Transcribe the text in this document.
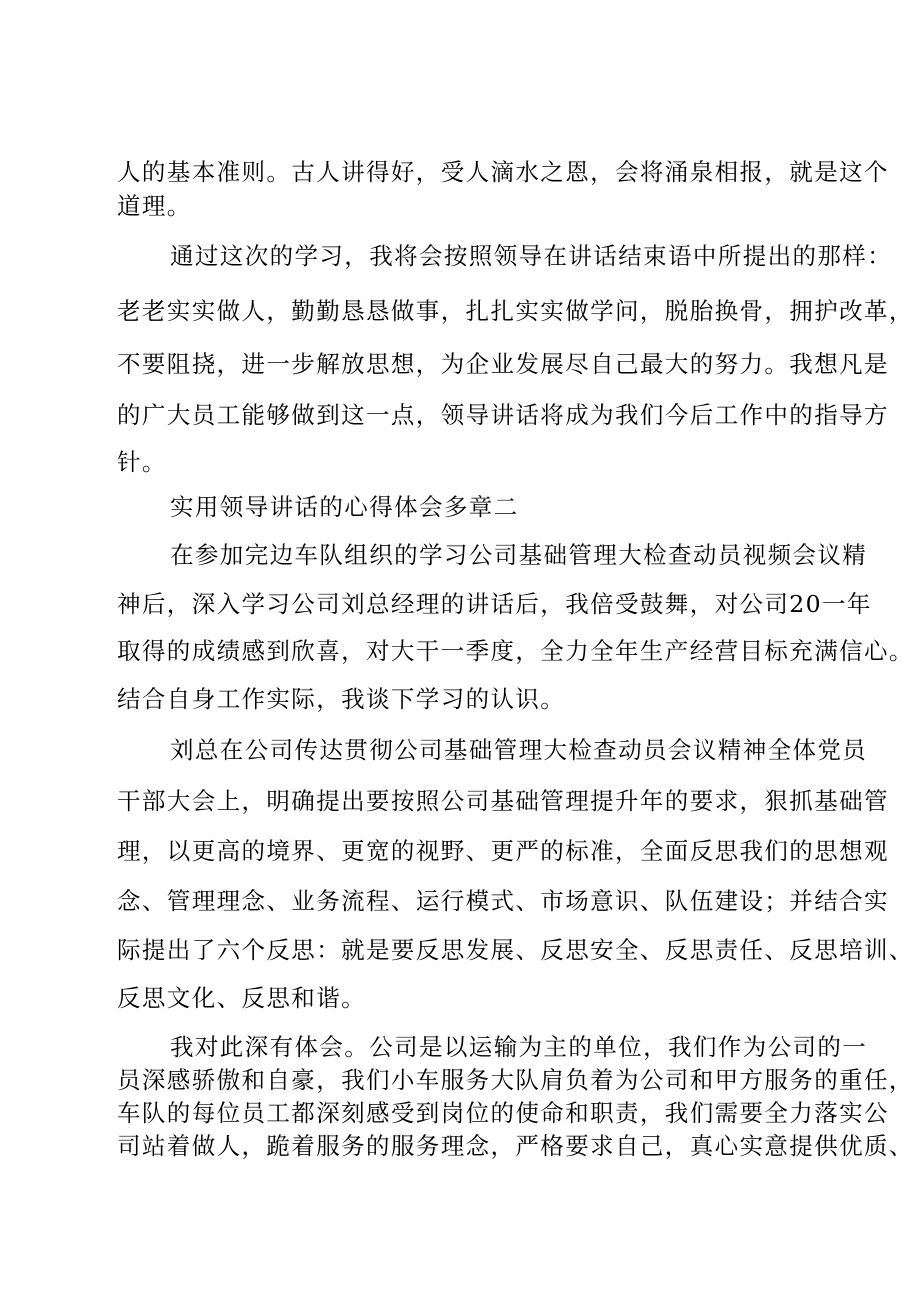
人的基本准则。古人讲得好，受人滴水之恩，会将涌泉相报，就是这个
道理。
通过这次的学习，我将会按照领导在讲话结束语中所提出的那样：
老老实实做人，勤勤恳恳做事，扎扎实实做学问，脱胎换骨，拥护改革，
不要阻挠，进一步解放思想，为企业发展尽自己最大的努力。我想凡是
的广大员工能够做到这一点，领导讲话将成为我们今后工作中的指导方
针。
实用领导讲话的心得体会多章二
在参加完边车队组织的学习公司基础管理大检查动员视频会议精
神后，深入学习公司刘总经理的讲话后，我倍受鼓舞，对公司20一年
取得的成绩感到欣喜，对大干一季度，全力全年生产经营目标充满信心。
结合自身工作实际，我谈下学习的认识。
刘总在公司传达贯彻公司基础管理大检查动员会议精神全体党员
干部大会上，明确提出要按照公司基础管理提升年的要求，狠抓基础管
理，以更高的境界、更宽的视野、更严的标准，全面反思我们的思想观
念、管理理念、业务流程、运行模式、市场意识、队伍建设；并结合实
际提出了六个反思：就是要反思发展、反思安全、反思责任、反思培训、
反思文化、反思和谐。
我对此深有体会。公司是以运输为主的单位，我们作为公司的一
员深感骄傲和自豪，我们小车服务大队肩负着为公司和甲方服务的重任，
车队的每位员工都深刻感受到岗位的使命和职责，我们需要全力落实公
司站着做人，跪着服务的服务理念，严格要求自己，真心实意提供优质、
